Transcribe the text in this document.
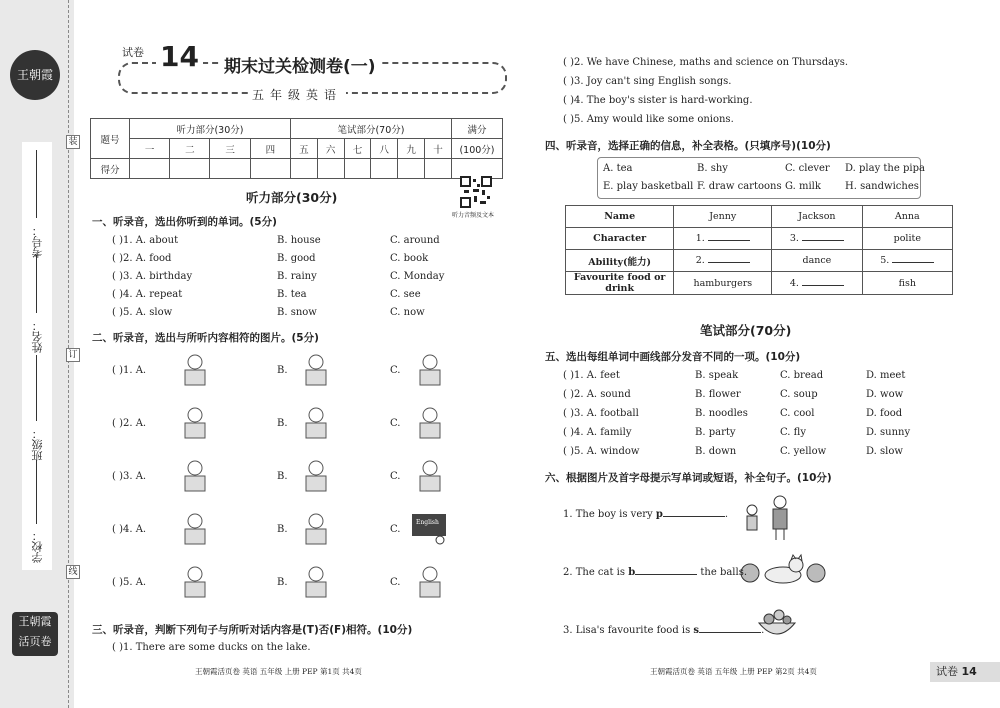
王朝霞
装
订
线
考号：
姓名：
班级：
学校：
王朝霞
活页卷
试卷 14 期末过关检测卷(一)
五年级英语
题号	听力部分(30分)				笔试部分(70分)						满分
	一	二	三	四	五	六	七	八	九	十	(100分)
得分											
听力音频及文本
听力部分(30分)
一、听录音，选出你听到的单词。(5分)
二、听录音，选出与所听内容相符的图片。(5分)
三、听录音，判断下列句子与所听对话内容是(T)否(F)相符。(10分)
( )1. There are some ducks on the lake.
王朝霞活页卷 英语 五年级 上册 PEP 第1页 共4页
( )2. We have Chinese, maths and science on Thursdays.
( )3. Joy can't sing English songs.
( )4. The boy's sister is hard-working.
( )5. Amy would like some onions.
四、听录音，选择正确的信息，补全表格。(只填序号)(10分)
Name	Jenny	Jackson	Anna
Character	1.	3.	polite
Ability(能力)	2.	dance	5.
Favourite food or drink	hamburgers	4.	fish
笔试部分(70分)
五、选出每组单词中画线部分发音不同的一项。(10分)
六、根据图片及首字母提示写单词或短语，补全句子。(10分)
王朝霞活页卷 英语 五年级 上册 PEP 第2页 共4页	试卷 14
( )1. A. about	B. house	C. around
( )2. A. food	B. good	C. book
( )3. A. birthday	B. rainy	C. Monday
( )4. A. repeat	B. tea	C. see
( )5. A. slow	B. snow	C. now
( )1. A.	B.	C.
( )2. A.	B.	C.
( )3. A.	B.	C.
( )4. A.	B.	C.
English
( )5. A.	B.	C.
A. tea	B. shy	C. clever D. play the pipa
E. play basketball F. draw cartoons G. milk H. sandwiches
( )1. A. feet	B. speak	C. bread	D. meet
( )2. A. sound	B. flower	C. soup	D. wow
( )3. A. football	B. noodles	C. cool	D. food
( )4. A. family	B. party	C. fly	D. sunny
( )5. A. window	B. down	C. yellow	D. slow
1. The boy is very p	.
2. The cat is b	the balls.
3. Lisa's favourite food is s	.
